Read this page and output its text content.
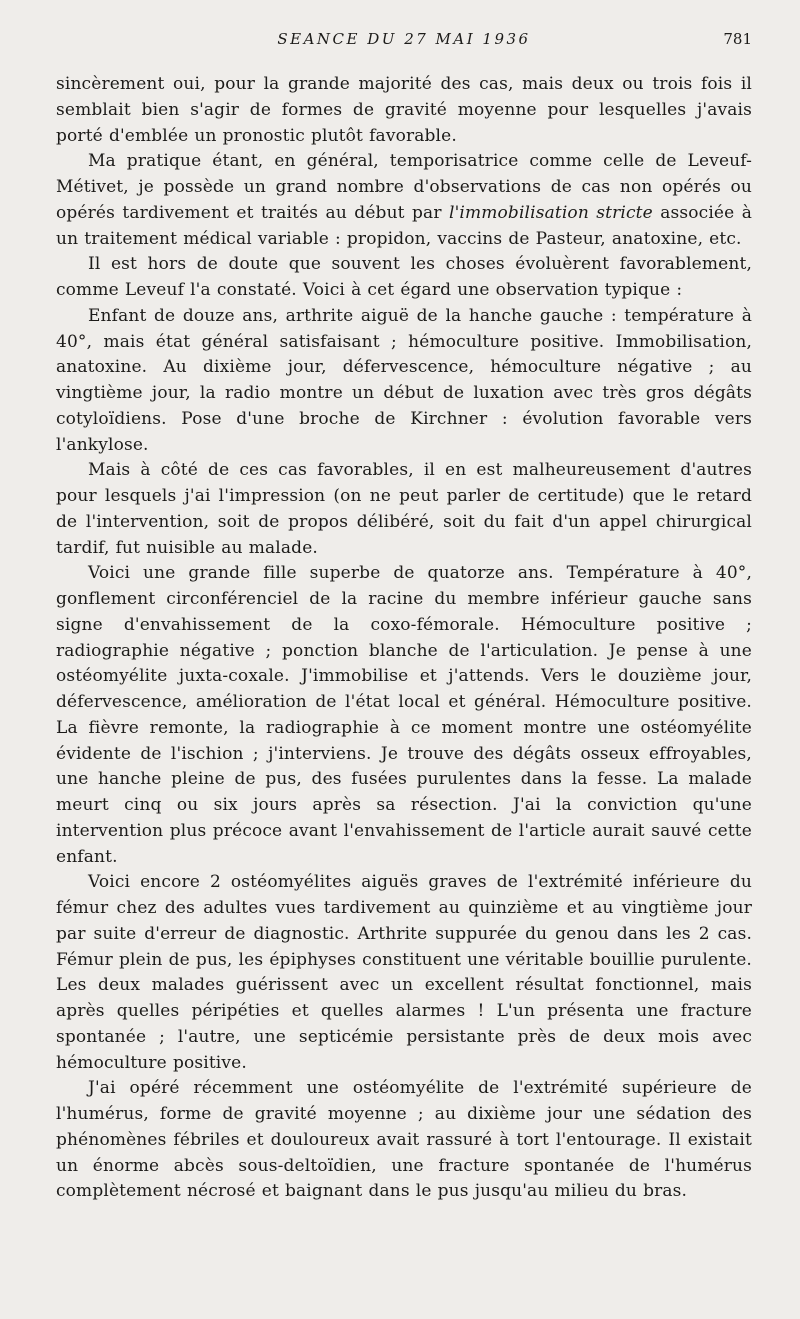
SEANCE DU 27 MAI 1936	781

sincèrement oui, pour la grande majorité des cas, mais deux ou trois fois il semblait bien s'agir de formes de gravité moyenne pour lesquelles j'avais porté d'emblée un pronostic plutôt favorable.

Ma pratique étant, en général, temporisatrice comme celle de Leveuf-Métivet, je possède un grand nombre d'observations de cas non opérés ou opérés tardivement et traités au début par l'immobilisation stricte associée à un traitement médical variable : propidon, vaccins de Pasteur, anatoxine, etc.

Il est hors de doute que souvent les choses évoluèrent favorablement, comme Leveuf l'a constaté. Voici à cet égard une observation typique :

Enfant de douze ans, arthrite aiguë de la hanche gauche : température à 40°, mais état général satisfaisant ; hémoculture positive. Immobilisation, anatoxine. Au dixième jour, défervescence, hémoculture négative ; au vingtième jour, la radio montre un début de luxation avec très gros dégâts cotyloïdiens. Pose d'une broche de Kirchner : évolution favorable vers l'ankylose.

Mais à côté de ces cas favorables, il en est malheureusement d'autres pour lesquels j'ai l'impression (on ne peut parler de certitude) que le retard de l'intervention, soit de propos délibéré, soit du fait d'un appel chirurgical tardif, fut nuisible au malade.

Voici une grande fille superbe de quatorze ans. Température à 40°, gonflement circonférenciel de la racine du membre inférieur gauche sans signe d'envahissement de la coxo-fémorale. Hémoculture positive ; radiographie négative ; ponction blanche de l'articulation. Je pense à une ostéomyélite juxta-coxale. J'immobilise et j'attends. Vers le douzième jour, défervescence, amélioration de l'état local et général. Hémoculture positive. La fièvre remonte, la radiographie à ce moment montre une ostéomyélite évidente de l'ischion ; j'interviens. Je trouve des dégâts osseux effroyables, une hanche pleine de pus, des fusées purulentes dans la fesse. La malade meurt cinq ou six jours après sa résection. J'ai la conviction qu'une intervention plus précoce avant l'envahissement de l'article aurait sauvé cette enfant.

Voici encore 2 ostéomyélites aiguës graves de l'extrémité inférieure du fémur chez des adultes vues tardivement au quinzième et au vingtième jour par suite d'erreur de diagnostic. Arthrite suppurée du genou dans les 2 cas. Fémur plein de pus, les épiphyses constituent une véritable bouillie purulente. Les deux malades guérissent avec un excellent résultat fonctionnel, mais après quelles péripéties et quelles alarmes ! L'un présenta une fracture spontanée ; l'autre, une septicémie persistante près de deux mois avec hémoculture positive.

J'ai opéré récemment une ostéomyélite de l'extrémité supérieure de l'humérus, forme de gravité moyenne ; au dixième jour une sédation des phénomènes fébriles et douloureux avait rassuré à tort l'entourage. Il existait un énorme abcès sous-deltoïdien, une fracture spontanée de l'humérus complètement nécrosé et baignant dans le pus jusqu'au milieu du bras.
